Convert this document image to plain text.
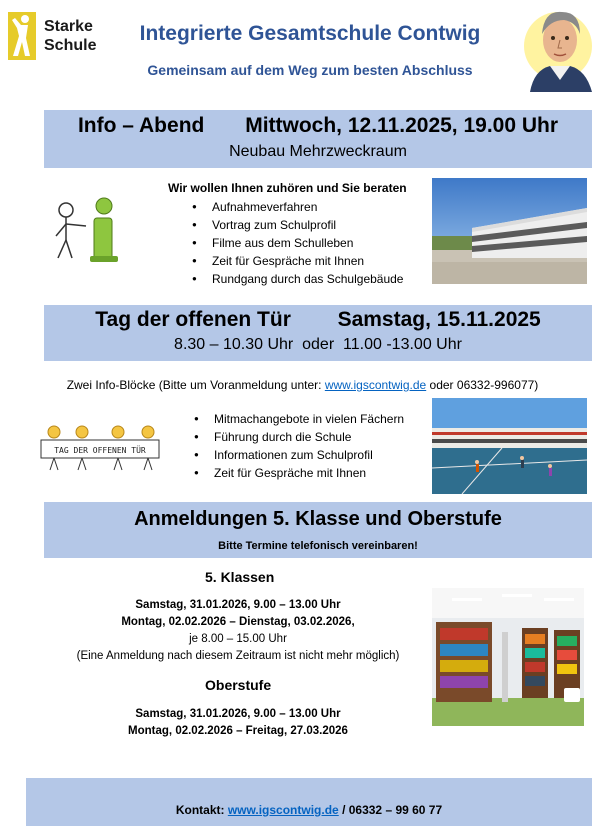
Starke
Schule
Integrierte Gesamtschule Contwig
Gemeinsam auf dem Weg zum besten Abschluss
Info – Abend Mittwoch, 12.11.2025, 19.00 Uhr
Neubau Mehrzweckraum
Wir wollen Ihnen zuhören und Sie beraten
● Aufnahmeverfahren
● Vortrag zum Schulprofil
● Filme aus dem Schulleben
● Zeit für Gespräche mit Ihnen
● Rundgang durch das Schulgebäude
Tag der offenen Tür Samstag, 15.11.2025
8.30 – 10.30 Uhr  oder  11.00 -13.00 Uhr
Zwei Info-Blöcke (Bitte um Voranmeldung unter: www.igscontwig.de oder 06332-996077)
TAG DER OFFENEN TÜR
● Mitmachangebote in vielen Fächern
● Führung durch die Schule
● Informationen zum Schulprofil
● Zeit für Gespräche mit Ihnen
Anmeldungen 5. Klasse und Oberstufe
Bitte Termine telefonisch vereinbaren!
5. Klassen
Samstag, 31.01.2026, 9.00 – 13.00 Uhr
Montag, 02.02.2026 – Dienstag, 03.02.2026,
je 8.00 – 15.00 Uhr
(Eine Anmeldung nach diesem Zeitraum ist nicht mehr möglich)
Oberstufe
Samstag, 31.01.2026, 9.00 – 13.00 Uhr
Montag, 02.02.2026 – Freitag, 27.03.2026
Kontakt: www.igscontwig.de / 06332 – 99 60 77
